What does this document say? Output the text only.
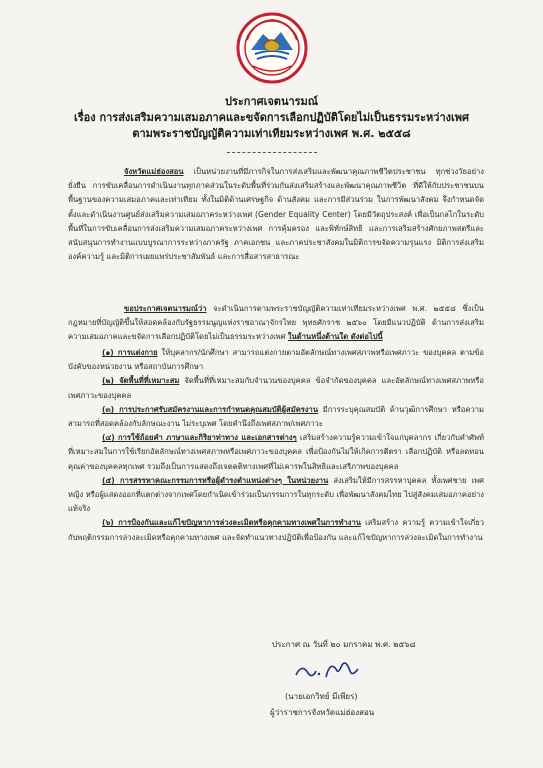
ประกาศเจตนารมณ์
เรื่อง การส่งเสริมความเสมอภาคและขจัดการเลือกปฏิบัติโดยไม่เป็นธรรมระหว่างเพศ
ตามพระราชบัญญัติความเท่าเทียมระหว่างเพศ พ.ศ. ๒๕๕๘

จังหวัดแม่ฮ่องสอน เป็นหน่วยงานที่มีภารกิจในการส่งเสริมและพัฒนาคุณภาพชีวิตประชาชน ทุกช่วงวัยอย่างยั่งยืน การขับเคลื่อนการดำเนินงานทุกภาคส่วนในระดับพื้นที่ร่วมกันส่งเสริมสร้างและพัฒนาคุณภาพชีวิต ที่ดีให้กับประชาชนบนพื้นฐานของความเสมอภาคและเท่าเทียม ทั้งในมิติด้านเศรษฐกิจ ด้านสังคม และการมีส่วนร่วม ในการพัฒนาสังคม จึงกำหนดจัดตั้งและดำเนินงานศูนย์ส่งเสริมความเสมอภาคระหว่างเพศ (Gender Equality Center) โดยมีวัตถุประสงค์ เพื่อเป็นกลไกในระดับพื้นที่ในการขับเคลื่อนการส่งเสริมความเสมอภาคระหว่างเพศ การคุ้มครอง และพิทักษ์สิทธิ และการเสริมสร้างศักยภาพสตรีและสนับสนุนการทำงานแบบบูรณาการระหว่างภาครัฐ ภาคเอกชน และภาคประชาสังคมในมิติการขจัดความรุนแรง มิติการส่งเสริมองค์ความรู้ และมิติการเผยแพร่ประชาสัมพันธ์ และการสื่อสารสาธารณะ

ขอประกาศเจตนารมณ์ว่า จะดำเนินการตามพระราชบัญญัติความเท่าเทียมระหว่างเพศ พ.ศ. ๒๕๕๘ ซึ่งเป็นกฎหมายที่บัญญัติขึ้นให้สอดคล้องกับรัฐธรรมนูญแห่งราชอาณาจักรไทย พุทธศักราช ๒๕๖๐ โดยมีแนวปฏิบัติ ด้านการส่งเสริมความเสมอภาคและขจัดการเลือกปฏิบัติโดยไม่เป็นธรรมระหว่างเพศ ในด้านหนึ่งด้านใด ดังต่อไปนี้

(๑) การแต่งกาย ให้บุคลากร/นักศึกษา สามารถแต่งกายตามอัตลักษณ์ทางเพศสภาพหรือเพศภาวะ ของบุคคล ตามข้อบังคับของหน่วยงาน หรือสถาบันการศึกษา

(๒) จัดพื้นที่ที่เหมาะสม จัดพื้นที่ที่เหมาะสมกับจำนวนของบุคคล ข้อจำกัดของบุคคล และอัตลักษณ์ทางเพศสภาพหรือเพศภาวะของบุคคล

(๓) การประกาศรับสมัครงานและการกำหนดคุณสมบัติผู้สมัครงาน มีการระบุคุณสมบัติ ด้านวุฒิการศึกษา หรือความสามารถที่สอดคล้องกับลักษณะงาน ไม่ระบุเพศ โดยคำนึงถึงเพศสภาพ/เพศภาวะ

(๔) การใช้ถ้อยคำ ภาษาและกิริยาท่าทาง และเอกสารต่างๆ เสริมสร้างความรู้ความเข้าใจแก่บุคลากร เกี่ยวกับคำศัพท์ที่เหมาะสมในการใช้เรียกอัตลักษณ์ทางเพศสภาพหรือเพศภาวะของบุคคล เพื่อป้องกันไม่ให้เกิดการตีตรา เลือกปฏิบัติ หรือลดทอนคุณค่าของบุคคลทุกเพศ รวมถึงเป็นการแสดงถึงเจตคติทางเพศที่ไม่เคารพในสิทธิและเสรีภาพของบุคคล

(๕) การสรรหาคณะกรรมการหรือผู้ดำรงตำแหน่งต่างๆ ในหน่วยงาน ส่งเสริมให้มีการสรรหาบุคคล ทั้งเพศชาย เพศหญิง หรือผู้แสดงออกที่แตกต่างจากเพศโดยกำเนิดเข้าร่วมเป็นกรรมการในทุกระดับ เพื่อพัฒนาสังคมไทย ไปสู่สังคมเสมอภาคอย่างแท้จริง

(๖) การป้องกันและแก้ไขปัญหาการล่วงละเมิดหรือคุกคามทางเพศในการทำงาน เสริมสร้าง ความรู้ ความเข้าใจเกี่ยวกับพฤติกรรมการล่วงละเมิดหรือคุกคามทางเพศ และจัดทำแนวทางปฏิบัติเพื่อป้องกัน และแก้ไขปัญหาการล่วงละเมิดในการทำงาน

ประกาศ ณ วันที่ ๒๐ มกราคม พ.ศ. ๒๕๖๘
(นายเอกวิทย์ มีเพียร)
ผู้ว่าราชการจังหวัดแม่ฮ่องสอน
